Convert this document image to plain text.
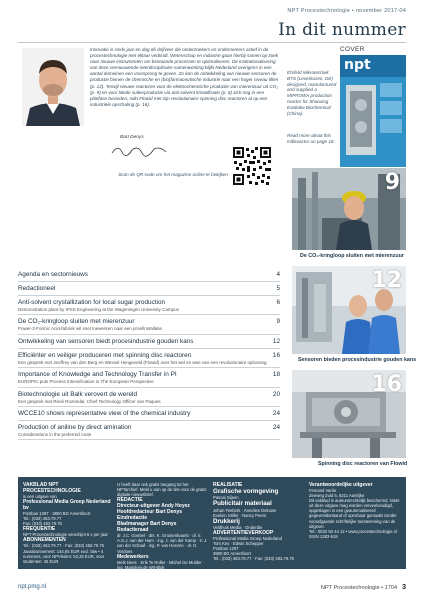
NPT Procestechnologie • november 2017-04
In dit nummer
Innovatie is sinds jaar en dag dé drijfveer die onderzoekers en ondernemers actief in de procestechnologie met elkaar verbindt. Wetenschap en industrie gaan hierbij samen op zoek naar nieuwe instrumenten om bestaande processen te optimaliseren. De institutionalisering van deze vernieuwende interdisciplinaire samenwerking blijkt Nederland overigens in een aantal domeinen een voorsprong te geven. Zo kan de ontwikkeling van nieuwe sensoren de productie binnen de chemische en (bio)farmaceutische industrie naar een hoger niveau tillen (p. 12). Terwijl nieuwe reactoren voor de elektrochemische productie van mierenzuur uit CO₂ (p. 9) en voor lokale suikerproductie via anti-solvent kristallisatie (p. 6) zich nog in een pilotfase bevinden, mikt Flowid met zijn revolutionaire spinning disc reactoren al op een industriële opschaling (p. 16).
Bart Denys
COVER
npt
Ehrfeld Mikrotechnik BTS (Leverkusen, DE) designed, manufactured and supplied a MIPROWA production reactor for Shaoxing Eastlake Biochemical (China).
Read more about this millireactor on page 18.
Scan de QR-code om het magazine online te bekijken	9
De CO₂-kringloop sluiten met mierenzuur
12
Sensoren bieden procesindustrie gouden kans
16
Spinning disc reactoren van Flowid
Agenda en sectornieuws	4
Redactioneel	5
Anti-solvent crystallization for local sugar production
Demonstration plant by IPSS Engineering at the Wageningen University Campus
6
De CO₂-kringloop sluiten met mierenzuur
Power-2-Formic Acid-fabriek wil snel toewerken naar een proefinstallatie
9
Ontwikkeling van sensoren biedt procesindustrie gouden kans	12
Efficiënter en veiliger produceren met spinning disc reactoren
Een gesprek met Jeoffrey van den Berg en Wessel Hengeveld (Flowid) over het wel en wee van een revolutionaire oplossing
16
Importance of Knowledge and Technology Transfer in PI
EUROPIC puts Process Intensification in The European Perspective
18
Biotechnologie uit Balk verovert de wereld
Een gesprek met René Rozendal, Chief Technology Officer van Paques
20
WCCE10 shows representative view of the chemical industry	24
Production of aniline by direct amination
Considerations in the preferred route
24
VAKBLAD NPT PROCESTECHNOLOGIE
is een uitgave van
Professional Media Groep Nederland bv
Postbus 1297 · 3800 BG Amersfoort
Tel.: (033) 463.79.77
Fax: (033) 463.79.76
FREQUENTIE
NPT Procestechnologie verschijnt 6 x per jaar
ABONNEMENTEN
Tel.: (033) 463.79.77 · Fax: (033) 463.79.76
Jaarabonnement: 144,65 EUR excl. btw • 4 nummers, voor NPVleden: 53,25 EUR, voor studenten: 25 EUR
U heeft daar ook gratis toegang tot het NPTarchief. Meld u aan op de site voor de gratis digitale nieuwsbrief.
REDACTIE
Directeur-uitgever Andy Hoyez
Hoofdredacteur Bart Denys
Eindredactie
Bladmanager Bart Denys
Redactieraad
dr. J.C. Goebel · drs. K. Grootenhaarst · dr. ir. A.G.J. van der Ham · ing. J. van der Kamp · ir. J. van der Schaaf · ing. P. van Heezen · dr. D. Verdoes
Medewerkers
Mels Dees · Erik Te Roller · Michel De Mulder · ing. Marjolein de Wit-Blok
REALISATIE
Grafische vormgeving
Pascal Gijsen
Publicitair materiaal
Johan Teeberk · Annelies Deloose
Evelien Stiller · Nancy Peers
Drukkerij
Veldhuis Media · Onderdie
ADVERTENTIEVERKOOP
Professional Media Groep Nederland
Tom Kes · Edwin Schepper
Postbus 1297
3800 BG Amersfoort
Tel.: (033) 463.79.77 · Fax: (033) 463.79.76
Verantwoordelijke uitgever
Femand Varrie
Zeeweg Zuid 5, 8211 Aartrijke
Dit vakblad is auteursrechtelijk beschermd. Niets uit deze uitgave mag worden verveelvoudigd, opgeslagen in een geautomatiseerd gegevensbestand of openbaar gemaakt zonder voorafgaande schriftelijke toestemming van de uitgever.
Tel.: 0032 50 44 12 • www.procestechnologie.nl
ISSN 1383-519
npt.pmg.nl	NPT Procestechnologie • 1704 3
